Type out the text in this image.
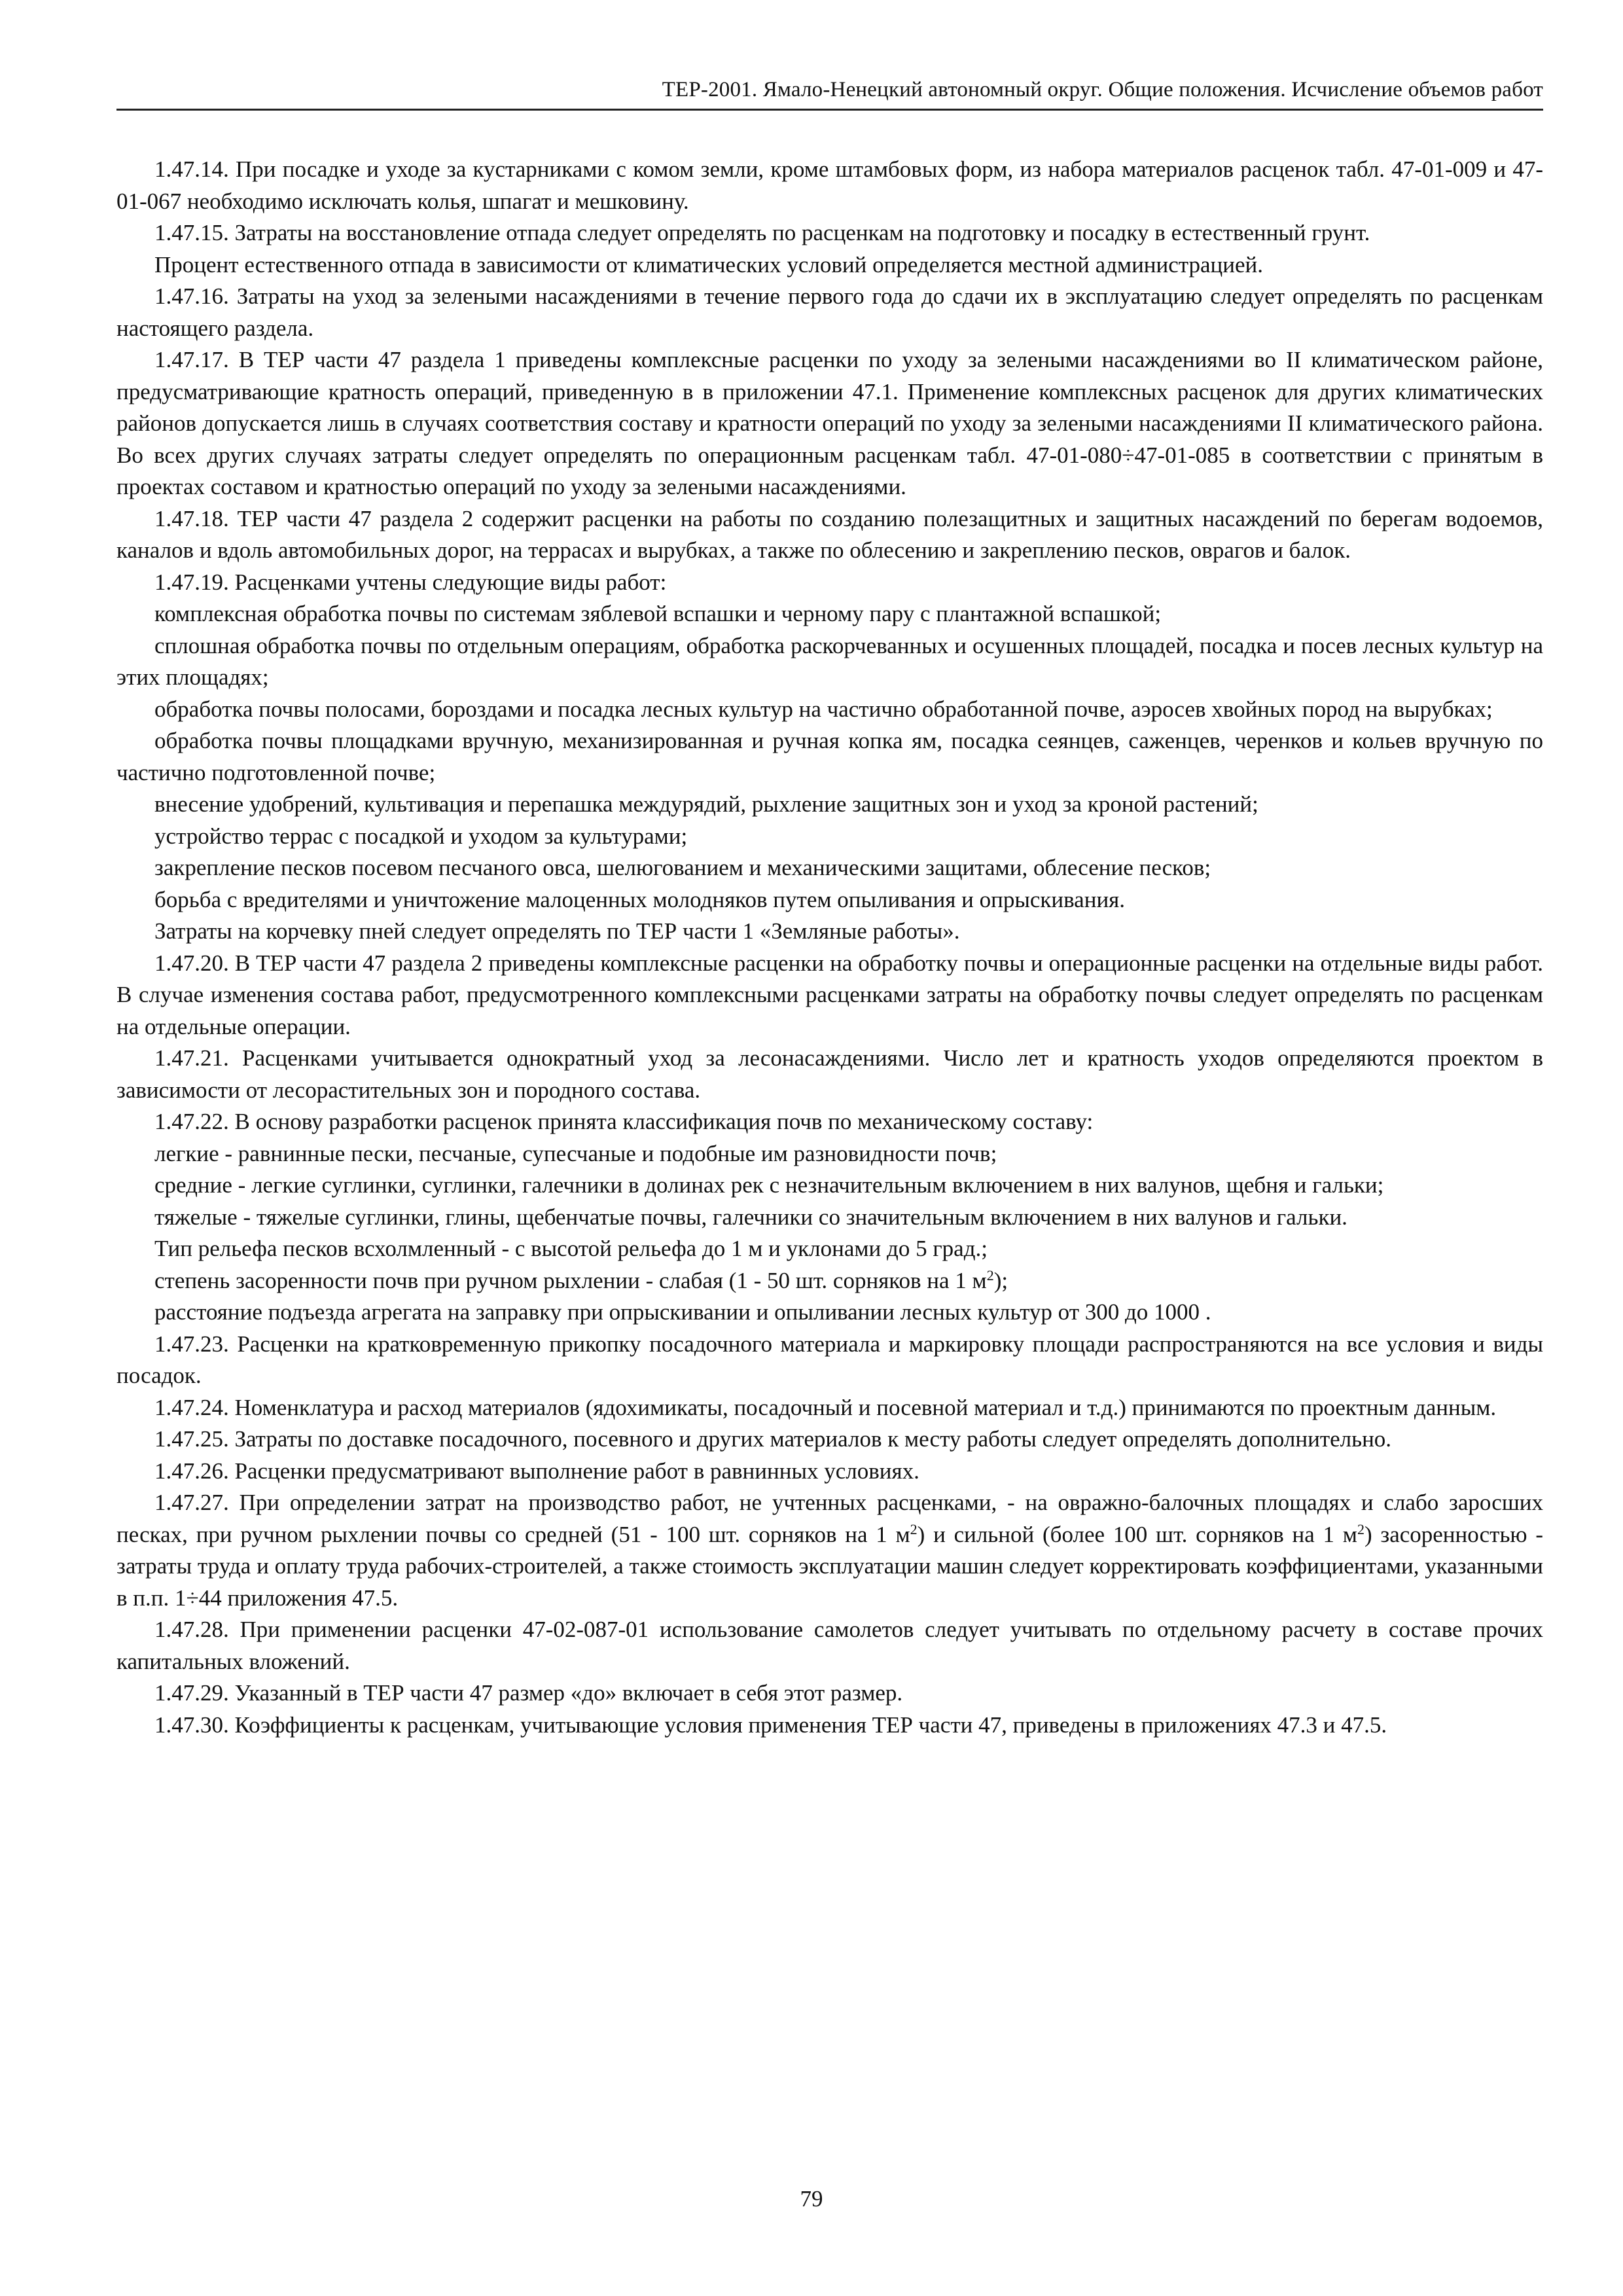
ТЕР-2001. Ямало-Ненецкий автономный округ. Общие положения. Исчисление объемов работ

1.47.14. При посадке и уходе за кустарниками с комом земли, кроме штамбовых форм, из набора материалов расценок табл. 47-01-009 и 47-01-067 необходимо исключать колья, шпагат и мешковину.

1.47.15. Затраты на восстановление отпада следует определять по расценкам на подготовку и посадку в естественный грунт.

Процент естественного отпада в зависимости от климатических условий определяется местной администрацией.

1.47.16. Затраты на уход за зелеными насаждениями в течение первого года до сдачи их в эксплуатацию следует определять по расценкам настоящего раздела.

1.47.17. В ТЕР части 47 раздела 1 приведены комплексные расценки по уходу за зелеными насаждениями во II климатическом районе, предусматривающие кратность операций, приведенную в в приложении 47.1. Применение комплексных расценок для других климатических районов допускается лишь в случаях соответствия составу и кратности операций по уходу за зелеными насаждениями II климатического района. Во всех других случаях затраты следует определять по операционным расценкам табл. 47-01-080÷47-01-085 в соответствии с принятым в проектах составом и кратностью операций по уходу за зелеными насаждениями.

1.47.18. ТЕР части 47 раздела 2 содержит расценки на работы по созданию полезащитных и защитных насаждений по берегам водоемов, каналов и вдоль автомобильных дорог, на террасах и вырубках, а также по облесению и закреплению песков, оврагов и балок.

1.47.19. Расценками учтены следующие виды работ:

комплексная обработка почвы по системам зяблевой вспашки и черному пару с плантажной вспашкой;

сплошная обработка почвы по отдельным операциям, обработка раскорчеванных и осушенных площадей, посадка и посев лесных культур на этих площадях;

обработка почвы полосами, бороздами и посадка лесных культур на частично обработанной почве, аэросев хвойных пород на вырубках;

обработка почвы площадками вручную, механизированная и ручная копка ям, посадка сеянцев, саженцев, черенков и кольев вручную по частично подготовленной почве;

внесение удобрений, культивация и перепашка междурядий, рыхление защитных зон и уход за кроной растений;

устройство террас с посадкой и уходом за культурами;

закрепление песков посевом песчаного овса, шелюгованием и механическими защитами, облесение песков;

борьба с вредителями и уничтожение малоценных молодняков путем опыливания и опрыскивания.

Затраты на корчевку пней следует определять по ТЕР части 1 «Земляные работы».

1.47.20. В ТЕР части 47 раздела 2 приведены комплексные расценки на обработку почвы и операционные расценки на отдельные виды работ. В случае изменения состава работ, предусмотренного комплексными расценками затраты на обработку почвы следует определять по расценкам на отдельные операции.

1.47.21. Расценками учитывается однократный уход за лесонасаждениями. Число лет и кратность уходов определяются проектом в зависимости от лесорастительных зон и породного состава.

1.47.22. В основу разработки расценок принята классификация почв по механическому составу:

легкие - равнинные пески, песчаные, супесчаные и подобные им разновидности почв;

средние - легкие суглинки, суглинки, галечники в долинах рек с незначительным включением в них валунов, щебня и гальки;

тяжелые - тяжелые суглинки, глины, щебенчатые почвы, галечники со значительным включением в них валунов и гальки.

Тип рельефа песков всхолмленный - с высотой рельефа до 1 м и уклонами до 5 град.;

степень засоренности почв при ручном рыхлении - слабая (1 - 50 шт. сорняков на 1 $м^2$);

расстояние подъезда агрегата на заправку при опрыскивании и опыливании лесных культур от 300 до 1000 .

1.47.23. Расценки на кратковременную прикопку посадочного материала и маркировку площади распространяются на все условия и виды посадок.

1.47.24. Номенклатура и расход материалов (ядохимикаты, посадочный и посевной материал и т.д.) принимаются по проектным данным.

1.47.25. Затраты по доставке посадочного, посевного и других материалов к месту работы следует определять дополнительно.

1.47.26. Расценки предусматривают выполнение работ в равнинных условиях.

1.47.27. При определении затрат на производство работ, не учтенных расценками, - на овражно-балочных площадях и слабо заросших песках, при ручном рыхлении почвы со средней (51 - 100 шт. сорняков на 1 $м^2$) и сильной (более 100 шт. сорняков на 1 $м^2$) засоренностью - затраты труда и оплату труда рабочих-строителей, а также стоимость эксплуатации машин следует корректировать коэффициентами, указанными в п.п. 1÷44 приложения 47.5.

1.47.28. При применении расценки 47-02-087-01 использование самолетов следует учитывать по отдельному расчету в составе прочих капитальных вложений.

1.47.29. Указанный в ТЕР части 47 размер «до» включает в себя этот размер.

1.47.30. Коэффициенты к расценкам, учитывающие условия применения ТЕР части 47, приведены в приложениях 47.3 и 47.5.

79
